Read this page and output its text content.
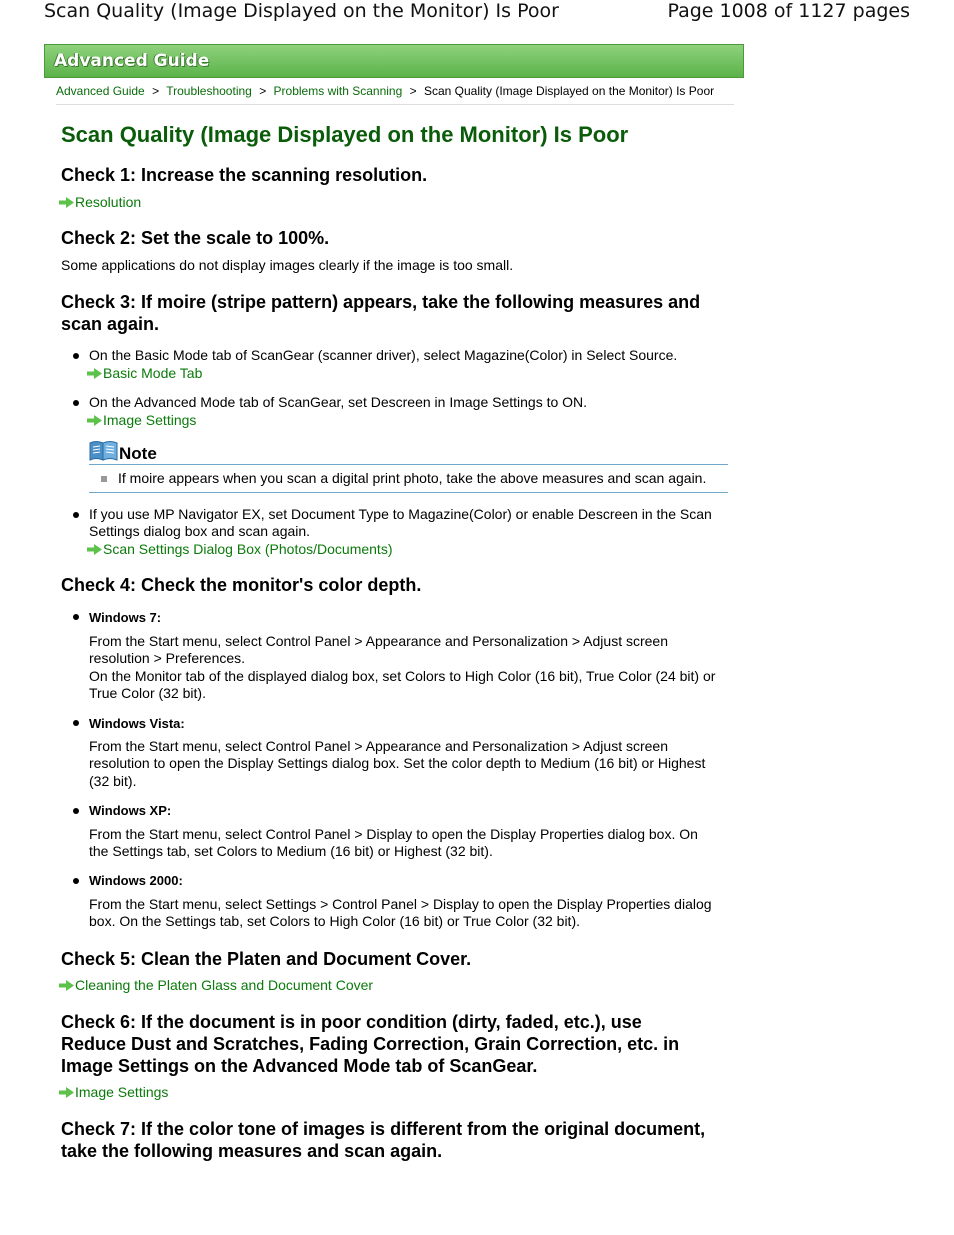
Scan Quality (Image Displayed on the Monitor) Is Poor	Page 1008 of 1127 pages
Advanced Guide
Advanced Guide > Troubleshooting > Problems with Scanning > Scan Quality (Image Displayed on the Monitor) Is Poor
Scan Quality (Image Displayed on the Monitor) Is Poor
Check 1: Increase the scanning resolution.
Resolution
Check 2: Set the scale to 100%.
Some applications do not display images clearly if the image is too small.
Check 3: If moire (stripe pattern) appears, take the following measures and
scan again.
On the Basic Mode tab of ScanGear (scanner driver), select Magazine(Color) in Select Source.
Basic Mode Tab
On the Advanced Mode tab of ScanGear, set Descreen in Image Settings to ON.
Image Settings
Note
If moire appears when you scan a digital print photo, take the above measures and scan again.
If you use MP Navigator EX, set Document Type to Magazine(Color) or enable Descreen in the Scan
Settings dialog box and scan again.
Scan Settings Dialog Box (Photos/Documents)
Check 4: Check the monitor's color depth.
Windows 7:
From the Start menu, select Control Panel > Appearance and Personalization > Adjust screen
resolution > Preferences.
On the Monitor tab of the displayed dialog box, set Colors to High Color (16 bit), True Color (24 bit) or
True Color (32 bit).
Windows Vista:
From the Start menu, select Control Panel > Appearance and Personalization > Adjust screen
resolution to open the Display Settings dialog box. Set the color depth to Medium (16 bit) or Highest
(32 bit).
Windows XP:
From the Start menu, select Control Panel > Display to open the Display Properties dialog box. On
the Settings tab, set Colors to Medium (16 bit) or Highest (32 bit).
Windows 2000:
From the Start menu, select Settings > Control Panel > Display to open the Display Properties dialog
box. On the Settings tab, set Colors to High Color (16 bit) or True Color (32 bit).
Check 5: Clean the Platen and Document Cover.
Cleaning the Platen Glass and Document Cover
Check 6: If the document is in poor condition (dirty, faded, etc.), use
Reduce Dust and Scratches, Fading Correction, Grain Correction, etc. in
Image Settings on the Advanced Mode tab of ScanGear.
Image Settings
Check 7: If the color tone of images is different from the original document,
take the following measures and scan again.
